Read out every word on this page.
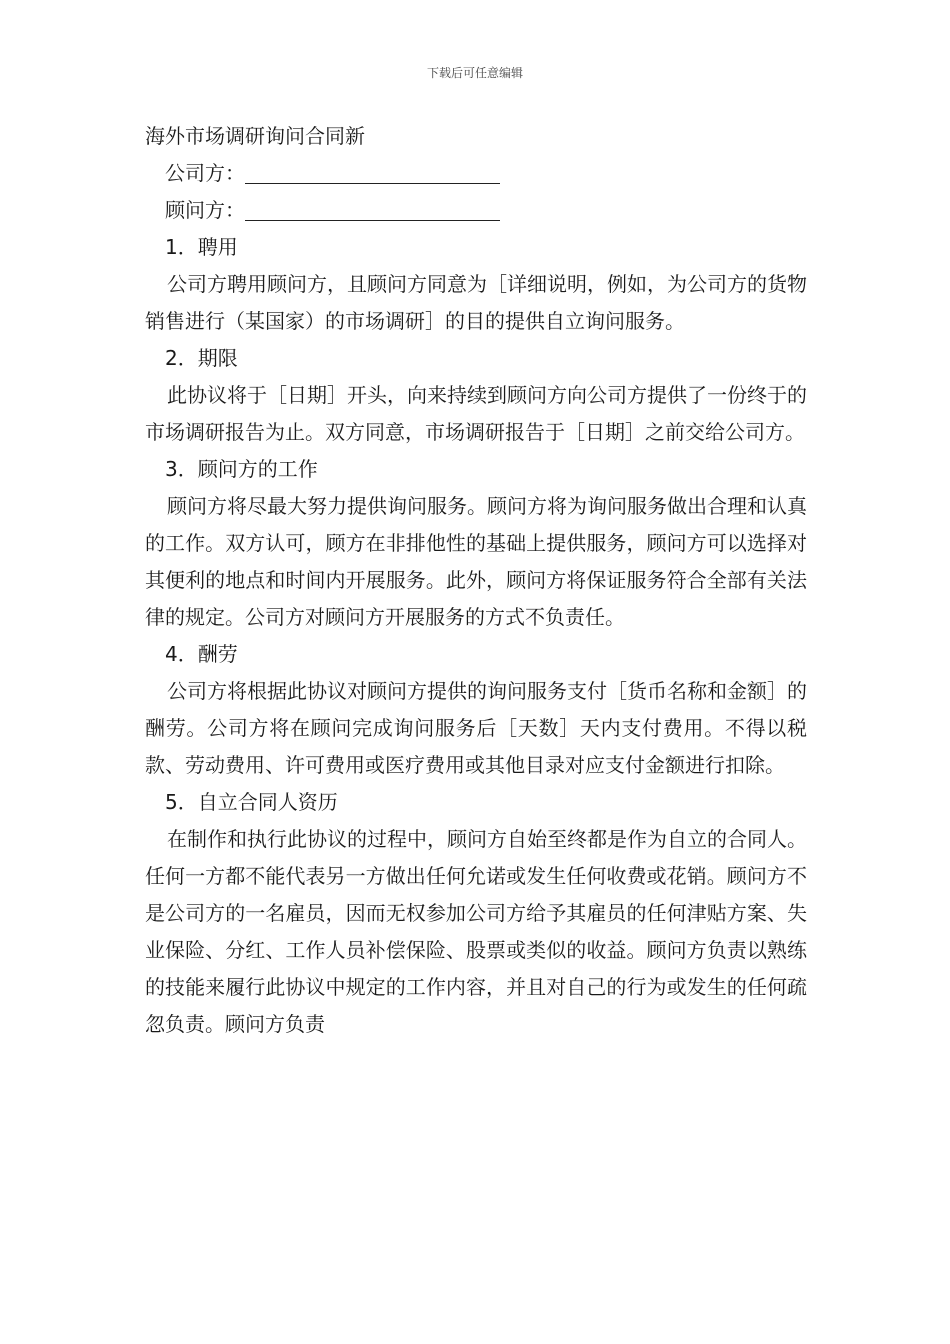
下载后可任意编辑
海外市场调研询问合同新
公司方：
顾问方：
1．聘用

公司方聘用顾问方，且顾问方同意为［详细说明，例如，为公司方的货物销售进行（某国家）的市场调研］的目的提供自立询问服务。

2．期限

此协议将于［日期］开头，向来持续到顾问方向公司方提供了一份终于的市场调研报告为止。双方同意，市场调研报告于［日期］之前交给公司方。

3．顾问方的工作

顾问方将尽最大努力提供询问服务。顾问方将为询问服务做出合理和认真的工作。双方认可，顾方在非排他性的基础上提供服务，顾问方可以选择对其便利的地点和时间内开展服务。此外，顾问方将保证服务符合全部有关法律的规定。公司方对顾问方开展服务的方式不负责任。

4．酬劳

公司方将根据此协议对顾问方提供的询问服务支付［货币名称和金额］的酬劳。公司方将在顾问完成询问服务后［天数］天内支付费用。不得以税款、劳动费用、许可费用或医疗费用或其他目录对应支付金额进行扣除。

5．自立合同人资历

在制作和执行此协议的过程中，顾问方自始至终都是作为自立的合同人。任何一方都不能代表另一方做出任何允诺或发生任何收费或花销。顾问方不是公司方的一名雇员，因而无权参加公司方给予其雇员的任何津贴方案、失业保险、分红、工作人员补偿保险、股票或类似的收益。顾问方负责以熟练的技能来履行此协议中规定的工作内容，并且对自己的行为或发生的任何疏忽负责。顾问方负责
